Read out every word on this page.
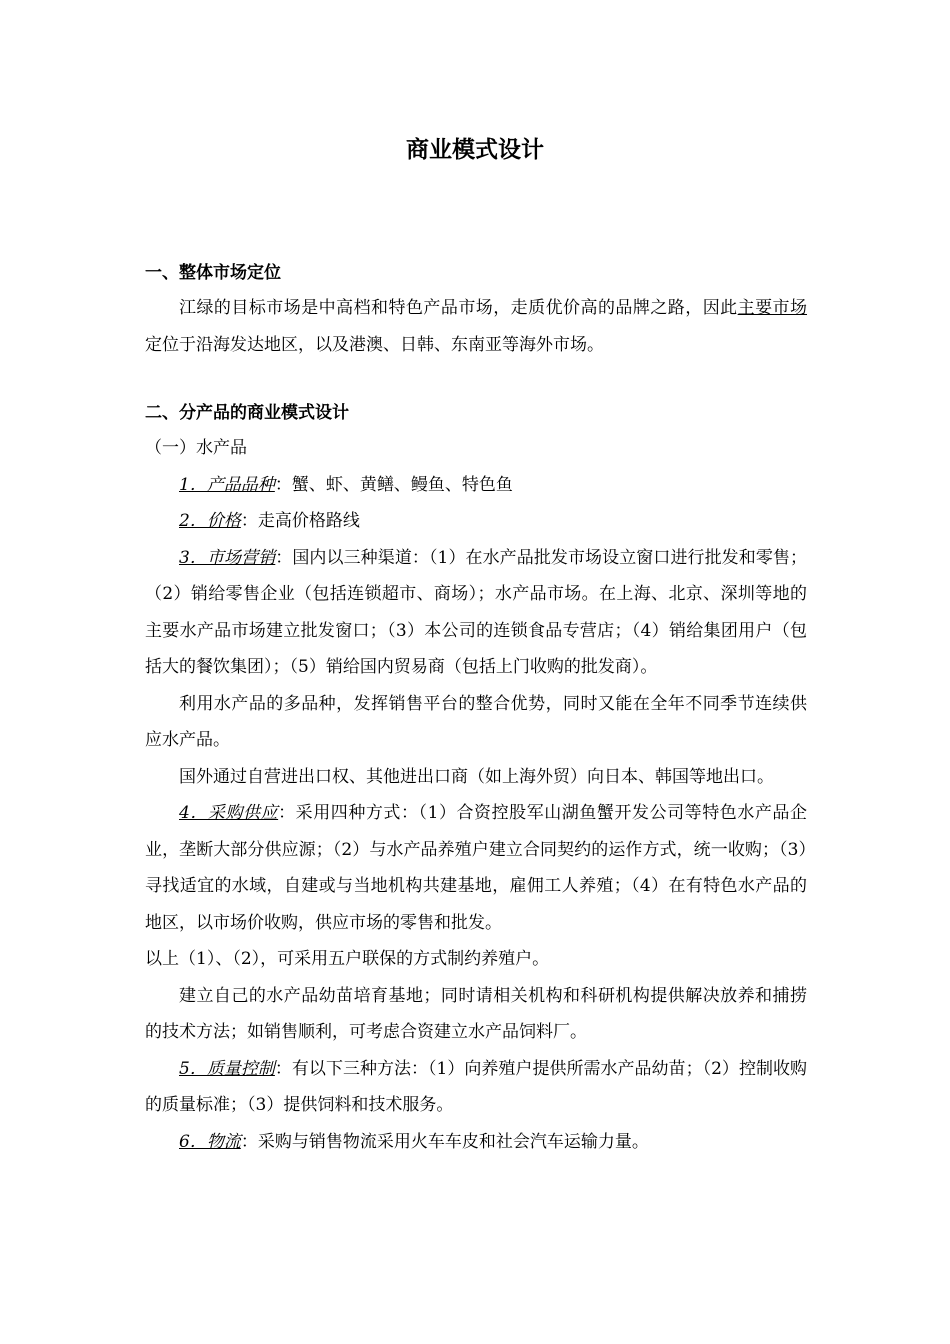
商业模式设计
一、整体市场定位

江绿的目标市场是中高档和特色产品市场，走质优价高的品牌之路，因此主要市场定位于沿海发达地区，以及港澳、日韩、东南亚等海外市场。

二、分产品的商业模式设计

（一）水产品

1．产品品种：蟹、虾、黄鳝、鳗鱼、特色鱼

2．价格：走高价格路线

3．市场营销：国内以三种渠道：（1）在水产品批发市场设立窗口进行批发和零售；（2）销给零售企业（包括连锁超市、商场）；水产品市场。在上海、北京、深圳等地的主要水产品市场建立批发窗口；（3）本公司的连锁食品专营店；（4）销给集团用户（包括大的餐饮集团）；（5）销给国内贸易商（包括上门收购的批发商）。

利用水产品的多品种，发挥销售平台的整合优势，同时又能在全年不同季节连续供应水产品。

国外通过自营进出口权、其他进出口商（如上海外贸）向日本、韩国等地出口。

4．采购供应：采用四种方式：（1）合资控股军山湖鱼蟹开发公司等特色水产品企业，垄断大部分供应源；（2）与水产品养殖户建立合同契约的运作方式，统一收购；（3）寻找适宜的水域，自建或与当地机构共建基地，雇佣工人养殖；（4）在有特色水产品的地区，以市场价收购，供应市场的零售和批发。

以上（1）、（2），可采用五户联保的方式制约养殖户。

建立自己的水产品幼苗培育基地；同时请相关机构和科研机构提供解决放养和捕捞的技术方法；如销售顺利，可考虑合资建立水产品饲料厂。

5．质量控制：有以下三种方法：（1）向养殖户提供所需水产品幼苗；（2）控制收购的质量标准；（3）提供饲料和技术服务。

6．物流：采购与销售物流采用火车车皮和社会汽车运输力量。
